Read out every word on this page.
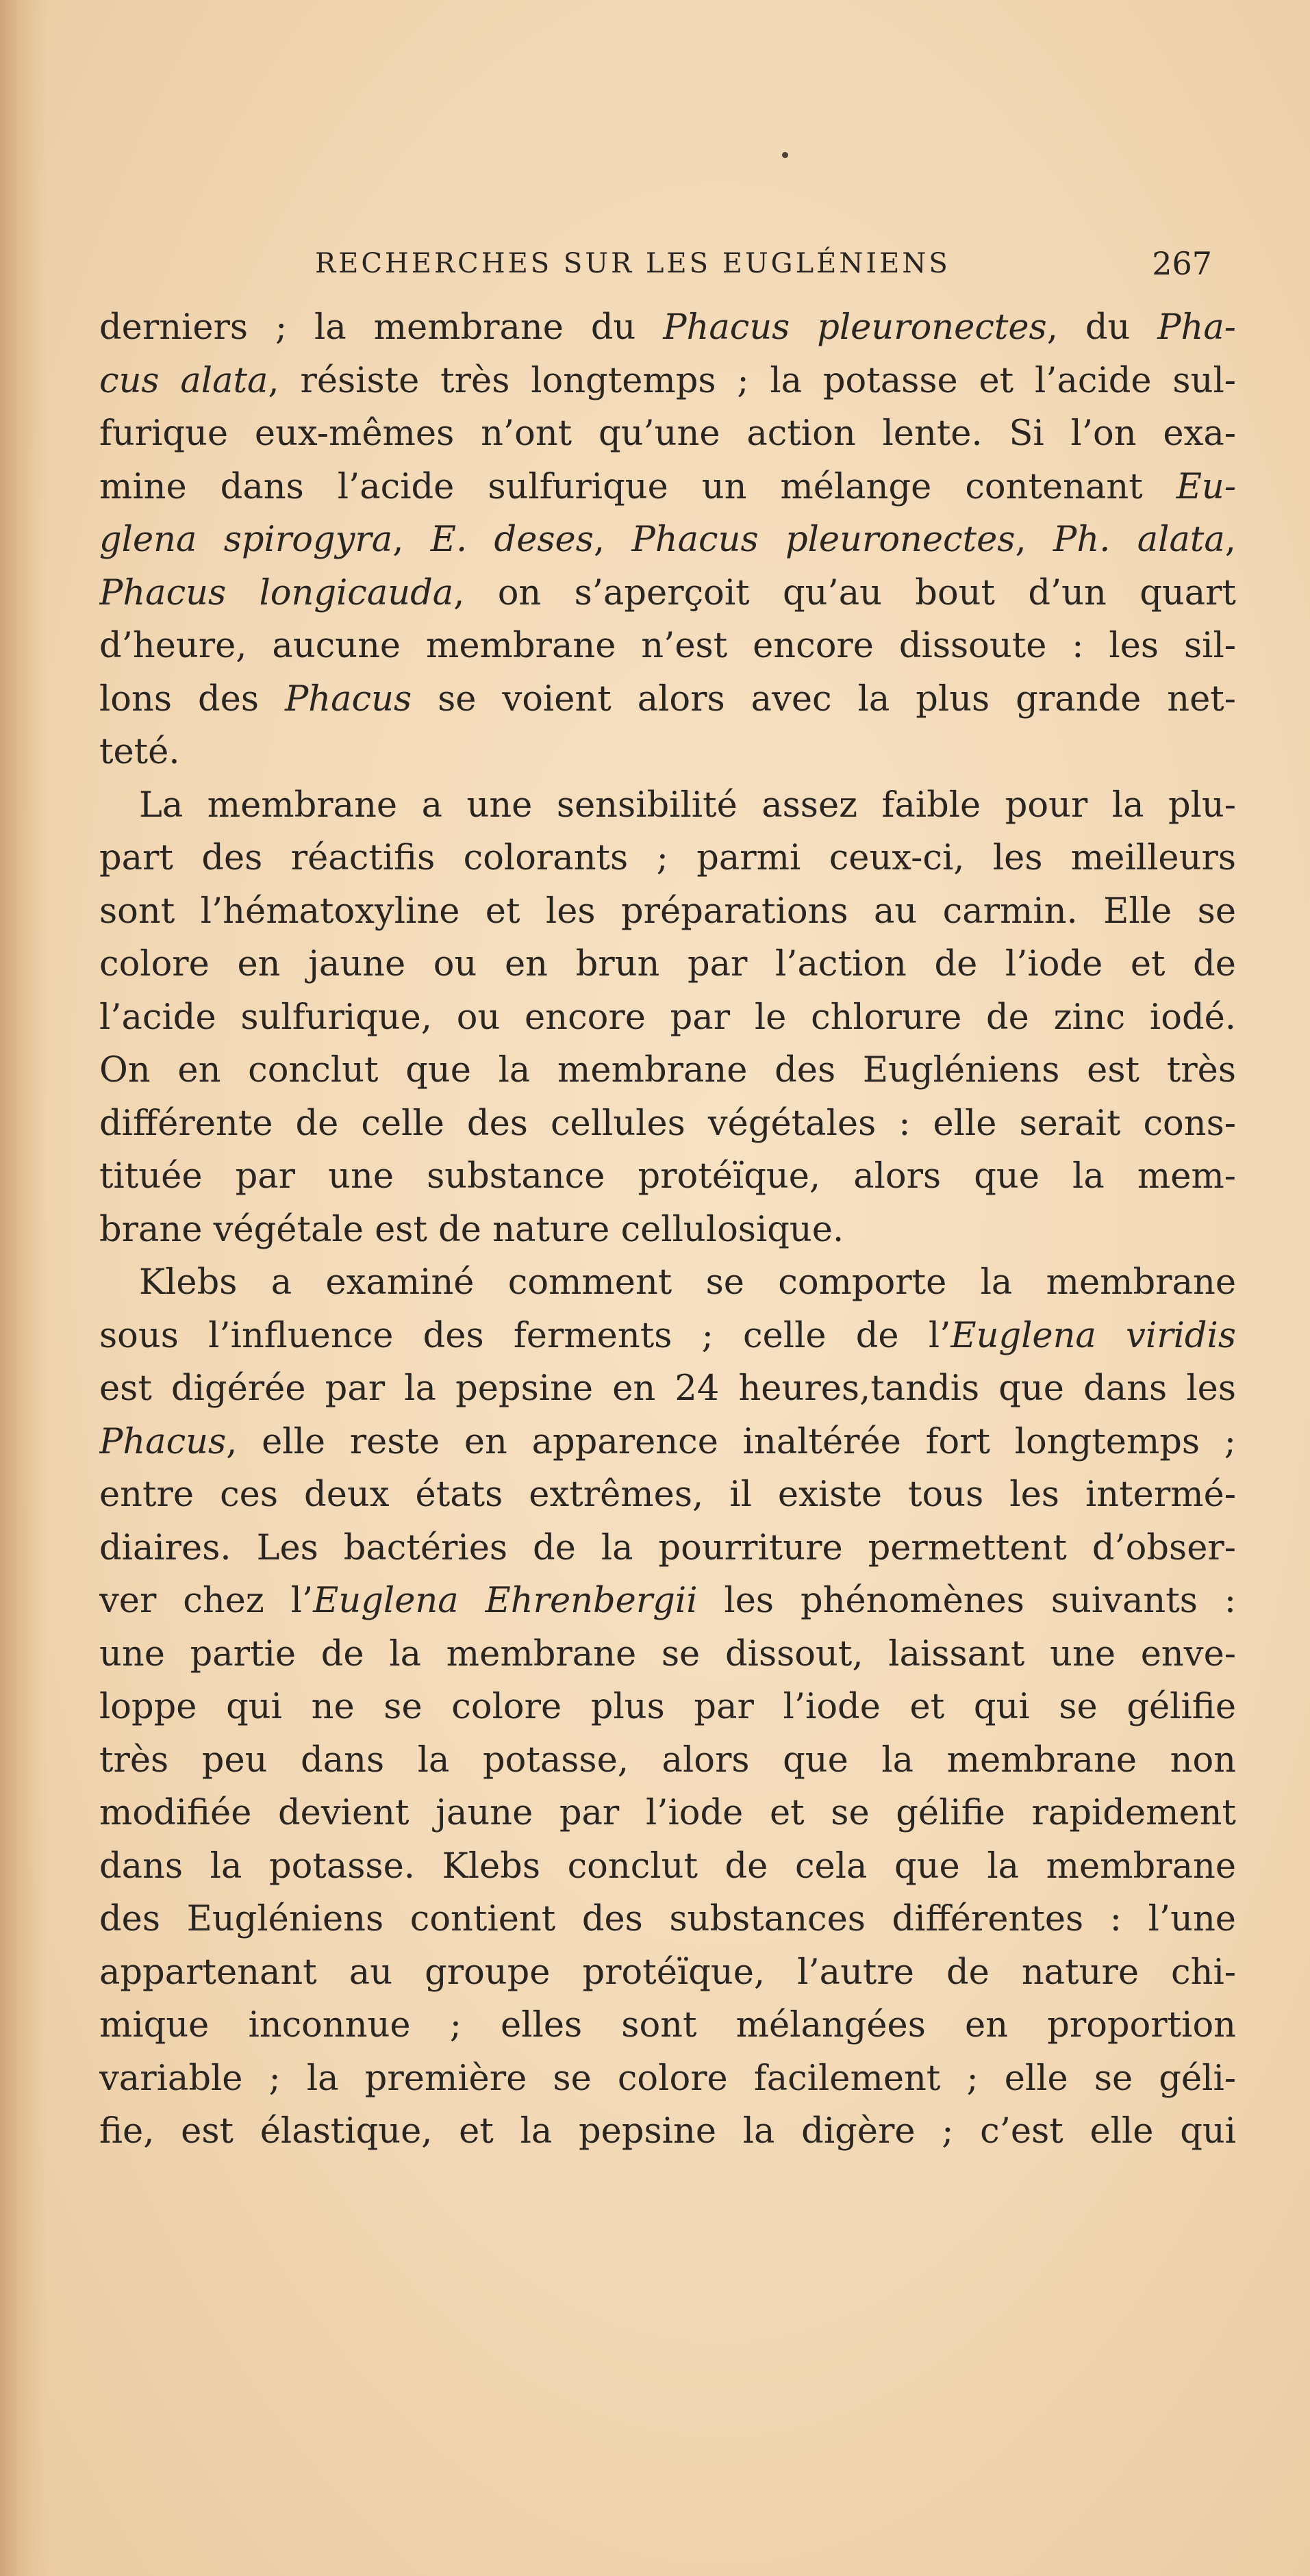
RECHERCHES SUR LES EUGLÉNIENS	267
derniers ; la membrane du Phacus pleuronectes, du Pha-
cus alata, résiste très longtemps ; la potasse et l’acide sul-
furique eux-mêmes n’ont qu’une action lente. Si l’on exa-
mine dans l’acide sulfurique un mélange contenant Eu-
glena spirogyra, E. deses, Phacus pleuronectes, Ph. alata,
Phacus longicauda, on s’aperçoit qu’au bout d’un quart
d’heure, aucune membrane n’est encore dissoute : les sil-
lons des Phacus se voient alors avec la plus grande net-
teté.
La membrane a une sensibilité assez faible pour la plu-
part des réactifis colorants ; parmi ceux-ci, les meilleurs
sont l’hématoxyline et les préparations au carmin. Elle se
colore en jaune ou en brun par l’action de l’iode et de
l’acide sulfurique, ou encore par le chlorure de zinc iodé.
On en conclut que la membrane des Eugléniens est très
différente de celle des cellules végétales : elle serait cons-
tituée par une substance protéïque, alors que la mem-
brane végétale est de nature cellulosique.
Klebs a examiné comment se comporte la membrane
sous l’influence des ferments ; celle de l’Euglena viridis
est digérée par la pepsine en 24 heures,tandis que dans les
Phacus, elle reste en apparence inaltérée fort longtemps ;
entre ces deux états extrêmes, il existe tous les intermé-
diaires. Les bactéries de la pourriture permettent d’obser-
ver chez l’Euglena Ehrenbergii les phénomènes suivants :
une partie de la membrane se dissout, laissant une enve-
loppe qui ne se colore plus par l’iode et qui se gélifie
très peu dans la potasse, alors que la membrane non
modifiée devient jaune par l’iode et se gélifie rapidement
dans la potasse. Klebs conclut de cela que la membrane
des Eugléniens contient des substances différentes : l’une
appartenant au groupe protéïque, l’autre de nature chi-
mique inconnue ; elles sont mélangées en proportion
variable ; la première se colore facilement ; elle se géli-
fie, est élastique, et la pepsine la digère ; c’est elle qui
